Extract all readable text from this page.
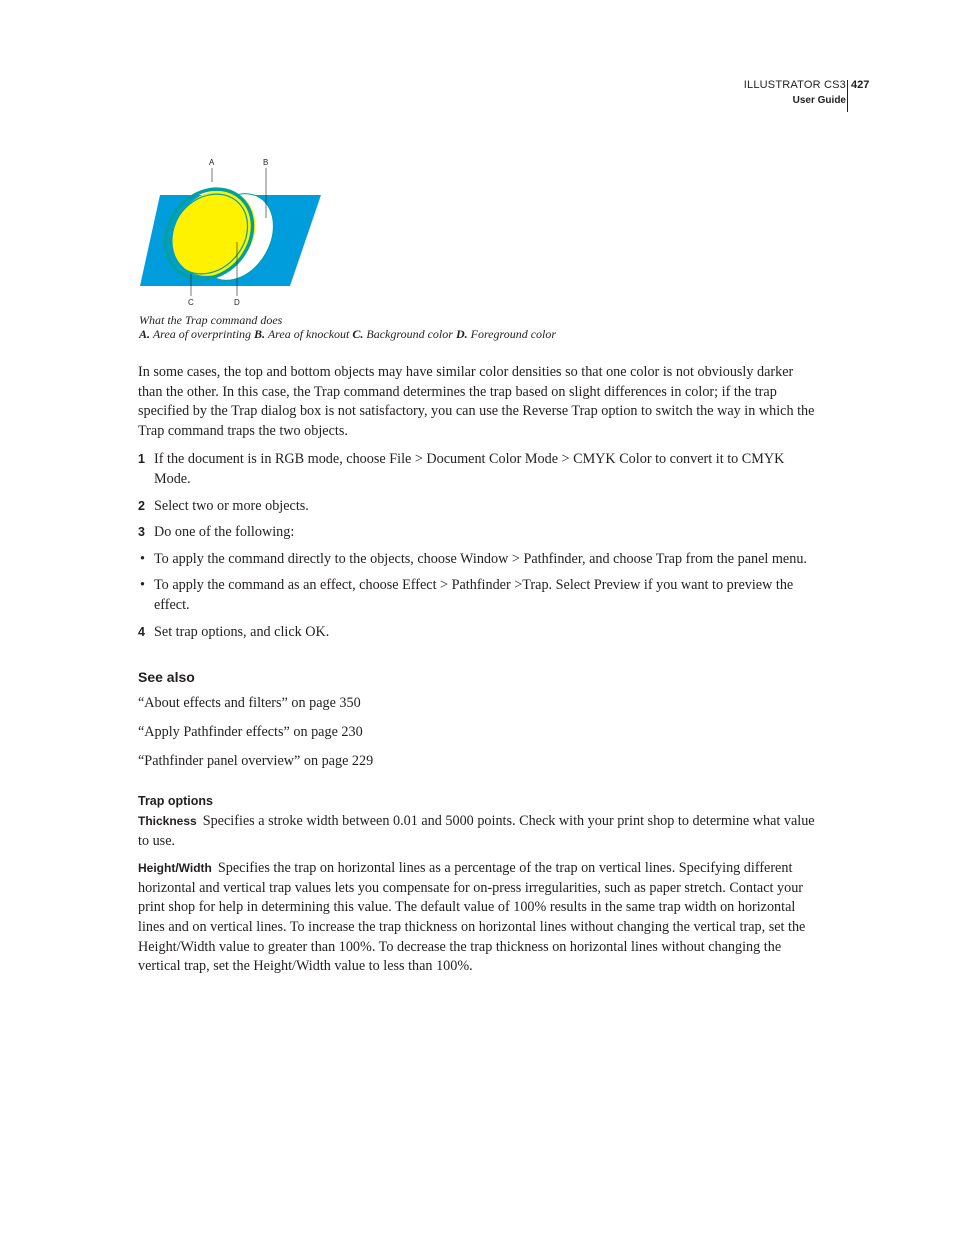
ILLUSTRATOR CS3
User Guide
427
A	B
C	D
What the Trap command does
A. Area of overprinting B. Area of knockout C. Background color D. Foreground color

In some cases, the top and bottom objects may have similar color densities so that one color is not obviously darker than the other. In this case, the Trap command determines the trap based on slight differences in color; if the trap specified by the Trap dialog box is not satisfactory, you can use the Reverse Trap option to switch the way in which the Trap command traps the two objects.

1 If the document is in RGB mode, choose File > Document Color Mode > CMYK Color to convert it to CMYK Mode.
2 Select two or more objects.
3 Do one of the following:
• To apply the command directly to the objects, choose Window > Pathfinder, and choose Trap from the panel menu.
• To apply the command as an effect, choose Effect > Pathfinder >Trap. Select Preview if you want to preview the effect.
4 Set trap options, and click OK.
See also

“About effects and filters” on page 350

“Apply Pathfinder effects” on page 230

“Pathfinder panel overview” on page 229

Trap options

Thickness Specifies a stroke width between 0.01 and 5000 points. Check with your print shop to determine what value to use.

Height/Width Specifies the trap on horizontal lines as a percentage of the trap on vertical lines. Specifying different horizontal and vertical trap values lets you compensate for on-press irregularities, such as paper stretch. Contact your print shop for help in determining this value. The default value of 100% results in the same trap width on horizontal lines and on vertical lines. To increase the trap thickness on horizontal lines without changing the vertical trap, set the Height/Width value to greater than 100%. To decrease the trap thickness on horizontal lines without changing the vertical trap, set the Height/Width value to less than 100%.
